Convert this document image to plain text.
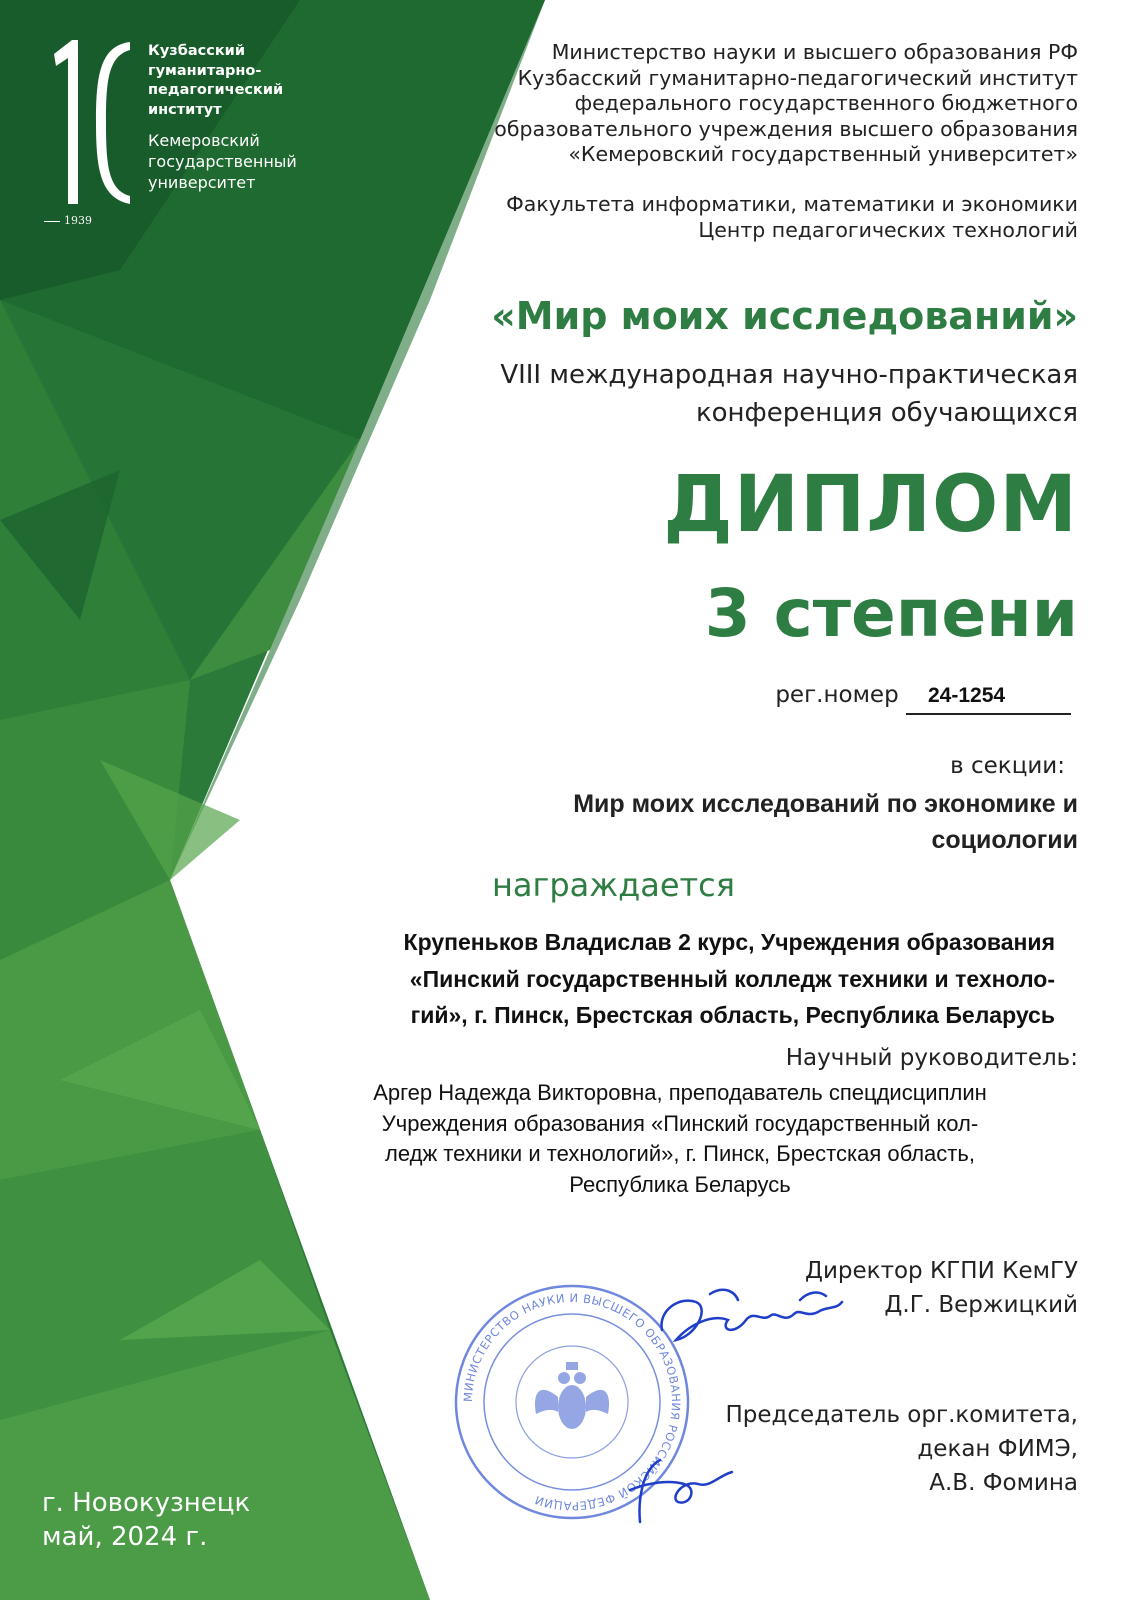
1939
Кузбасский
гуманитарно-
педагогический
институт
Кемеровский
государственный
университет
Министерство науки и высшего образования РФ
Кузбасский гуманитарно-педагогический институт
федерального государственного бюджетного
образовательного учреждения высшего образования
«Кемеровский государственный университет»
Факультета информатики, математики и экономики
Центр педагогических технологий
«Мир моих исследований»
VIII международная научно-практическая
конференция обучающихся
ДИПЛОМ
3 степени
рег.номер 24-1254
в секции:
Мир моих исследований по экономике и
социологии
награждается
Крупеньков Владислав 2 курс, Учреждения образования
«Пинский государственный колледж техники и техноло-
гий», г. Пинск, Брестская область, Республика Беларусь
Научный руководитель:
Аргер Надежда Викторовна, преподаватель спецдисциплин
Учреждения образования «Пинский государственный кол-
ледж техники и технологий», г. Пинск, Брестская область,
Республика Беларусь
МИНИСТЕРСТВО НАУКИ И ВЫСШЕГО ОБРАЗОВАНИЯ РОССИЙСКОЙ ФЕДЕРАЦИИ
Директор КГПИ КемГУ
Д.Г. Вержицкий
Председатель орг.комитета,
декан ФИМЭ,
А.В. Фомина
г. Новокузнецк
май, 2024 г.
